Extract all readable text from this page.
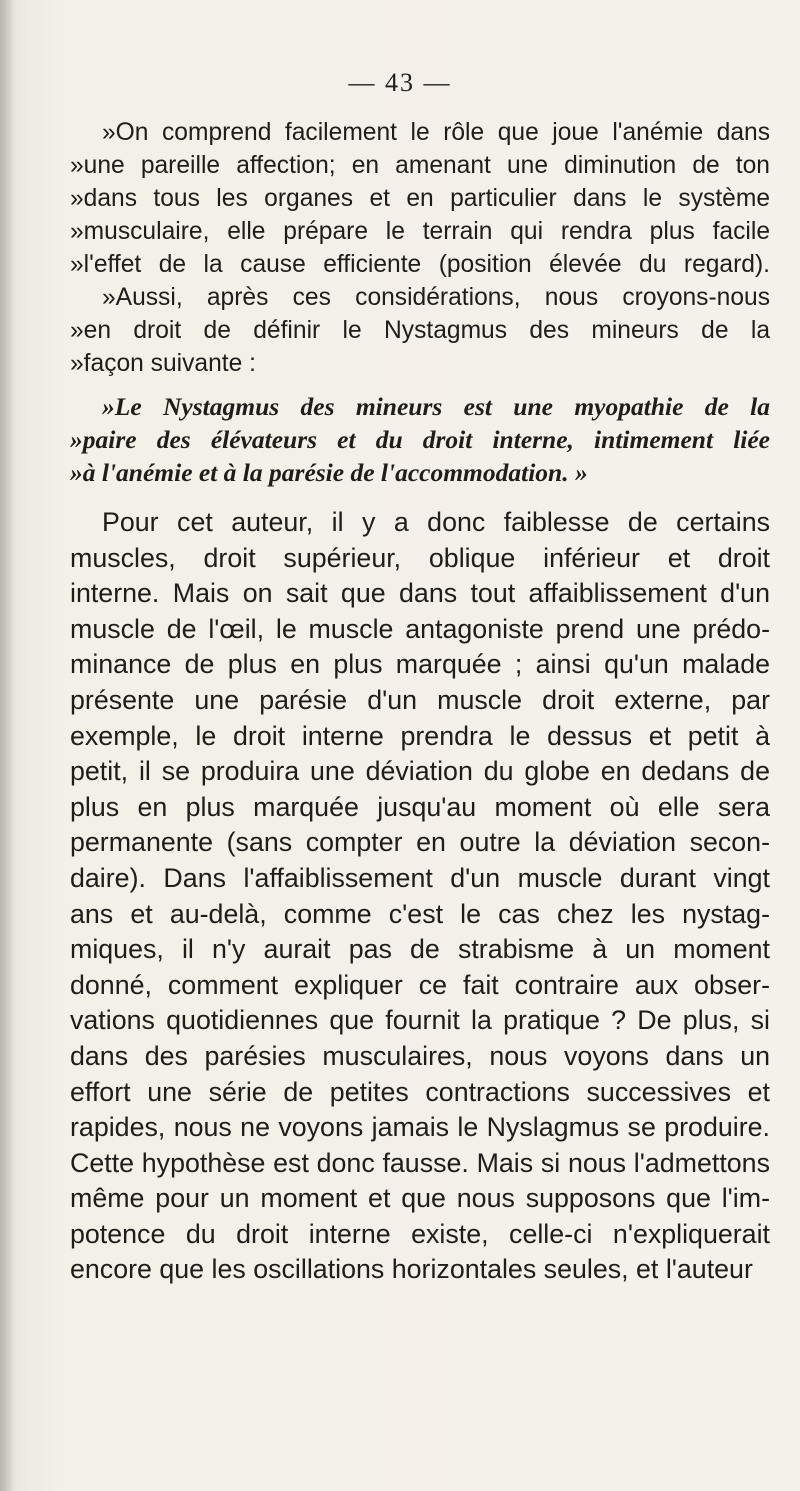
— 43 —
»On comprend facilement le rôle que joue l'anémie dans
»une pareille affection; en amenant une diminution de ton
»dans tous les organes et en particulier dans le système
»musculaire, elle prépare le terrain qui rendra plus facile
»l'effet de la cause efficiente (position élevée du regard).
»Aussi, après ces considérations, nous croyons-nous
»en droit de définir le Nystagmus des mineurs de la
»façon suivante :
»Le Nystagmus des mineurs est une myopathie de la
»paire des élévateurs et du droit interne, intimement liée
»à l'anémie et à la parésie de l'accommodation. »
Pour cet auteur, il y a donc faiblesse de certains
muscles, droit supérieur, oblique inférieur et droit
interne. Mais on sait que dans tout affaiblissement d'un
muscle de l'œil, le muscle antagoniste prend une prédo-
minance de plus en plus marquée ; ainsi qu'un malade
présente une parésie d'un muscle droit externe, par
exemple, le droit interne prendra le dessus et petit à
petit, il se produira une déviation du globe en dedans de
plus en plus marquée jusqu'au moment où elle sera
permanente (sans compter en outre la déviation secon-
daire). Dans l'affaiblissement d'un muscle durant vingt
ans et au-delà, comme c'est le cas chez les nystag-
miques, il n'y aurait pas de strabisme à un moment
donné, comment expliquer ce fait contraire aux obser-
vations quotidiennes que fournit la pratique ? De plus, si
dans des parésies musculaires, nous voyons dans un
effort une série de petites contractions successives et
rapides, nous ne voyons jamais le Nyslagmus se produire.
Cette hypothèse est donc fausse. Mais si nous l'admettons
même pour un moment et que nous supposons que l'im-
potence du droit interne existe, celle-ci n'expliquerait
encore que les oscillations horizontales seules, et l'auteur
